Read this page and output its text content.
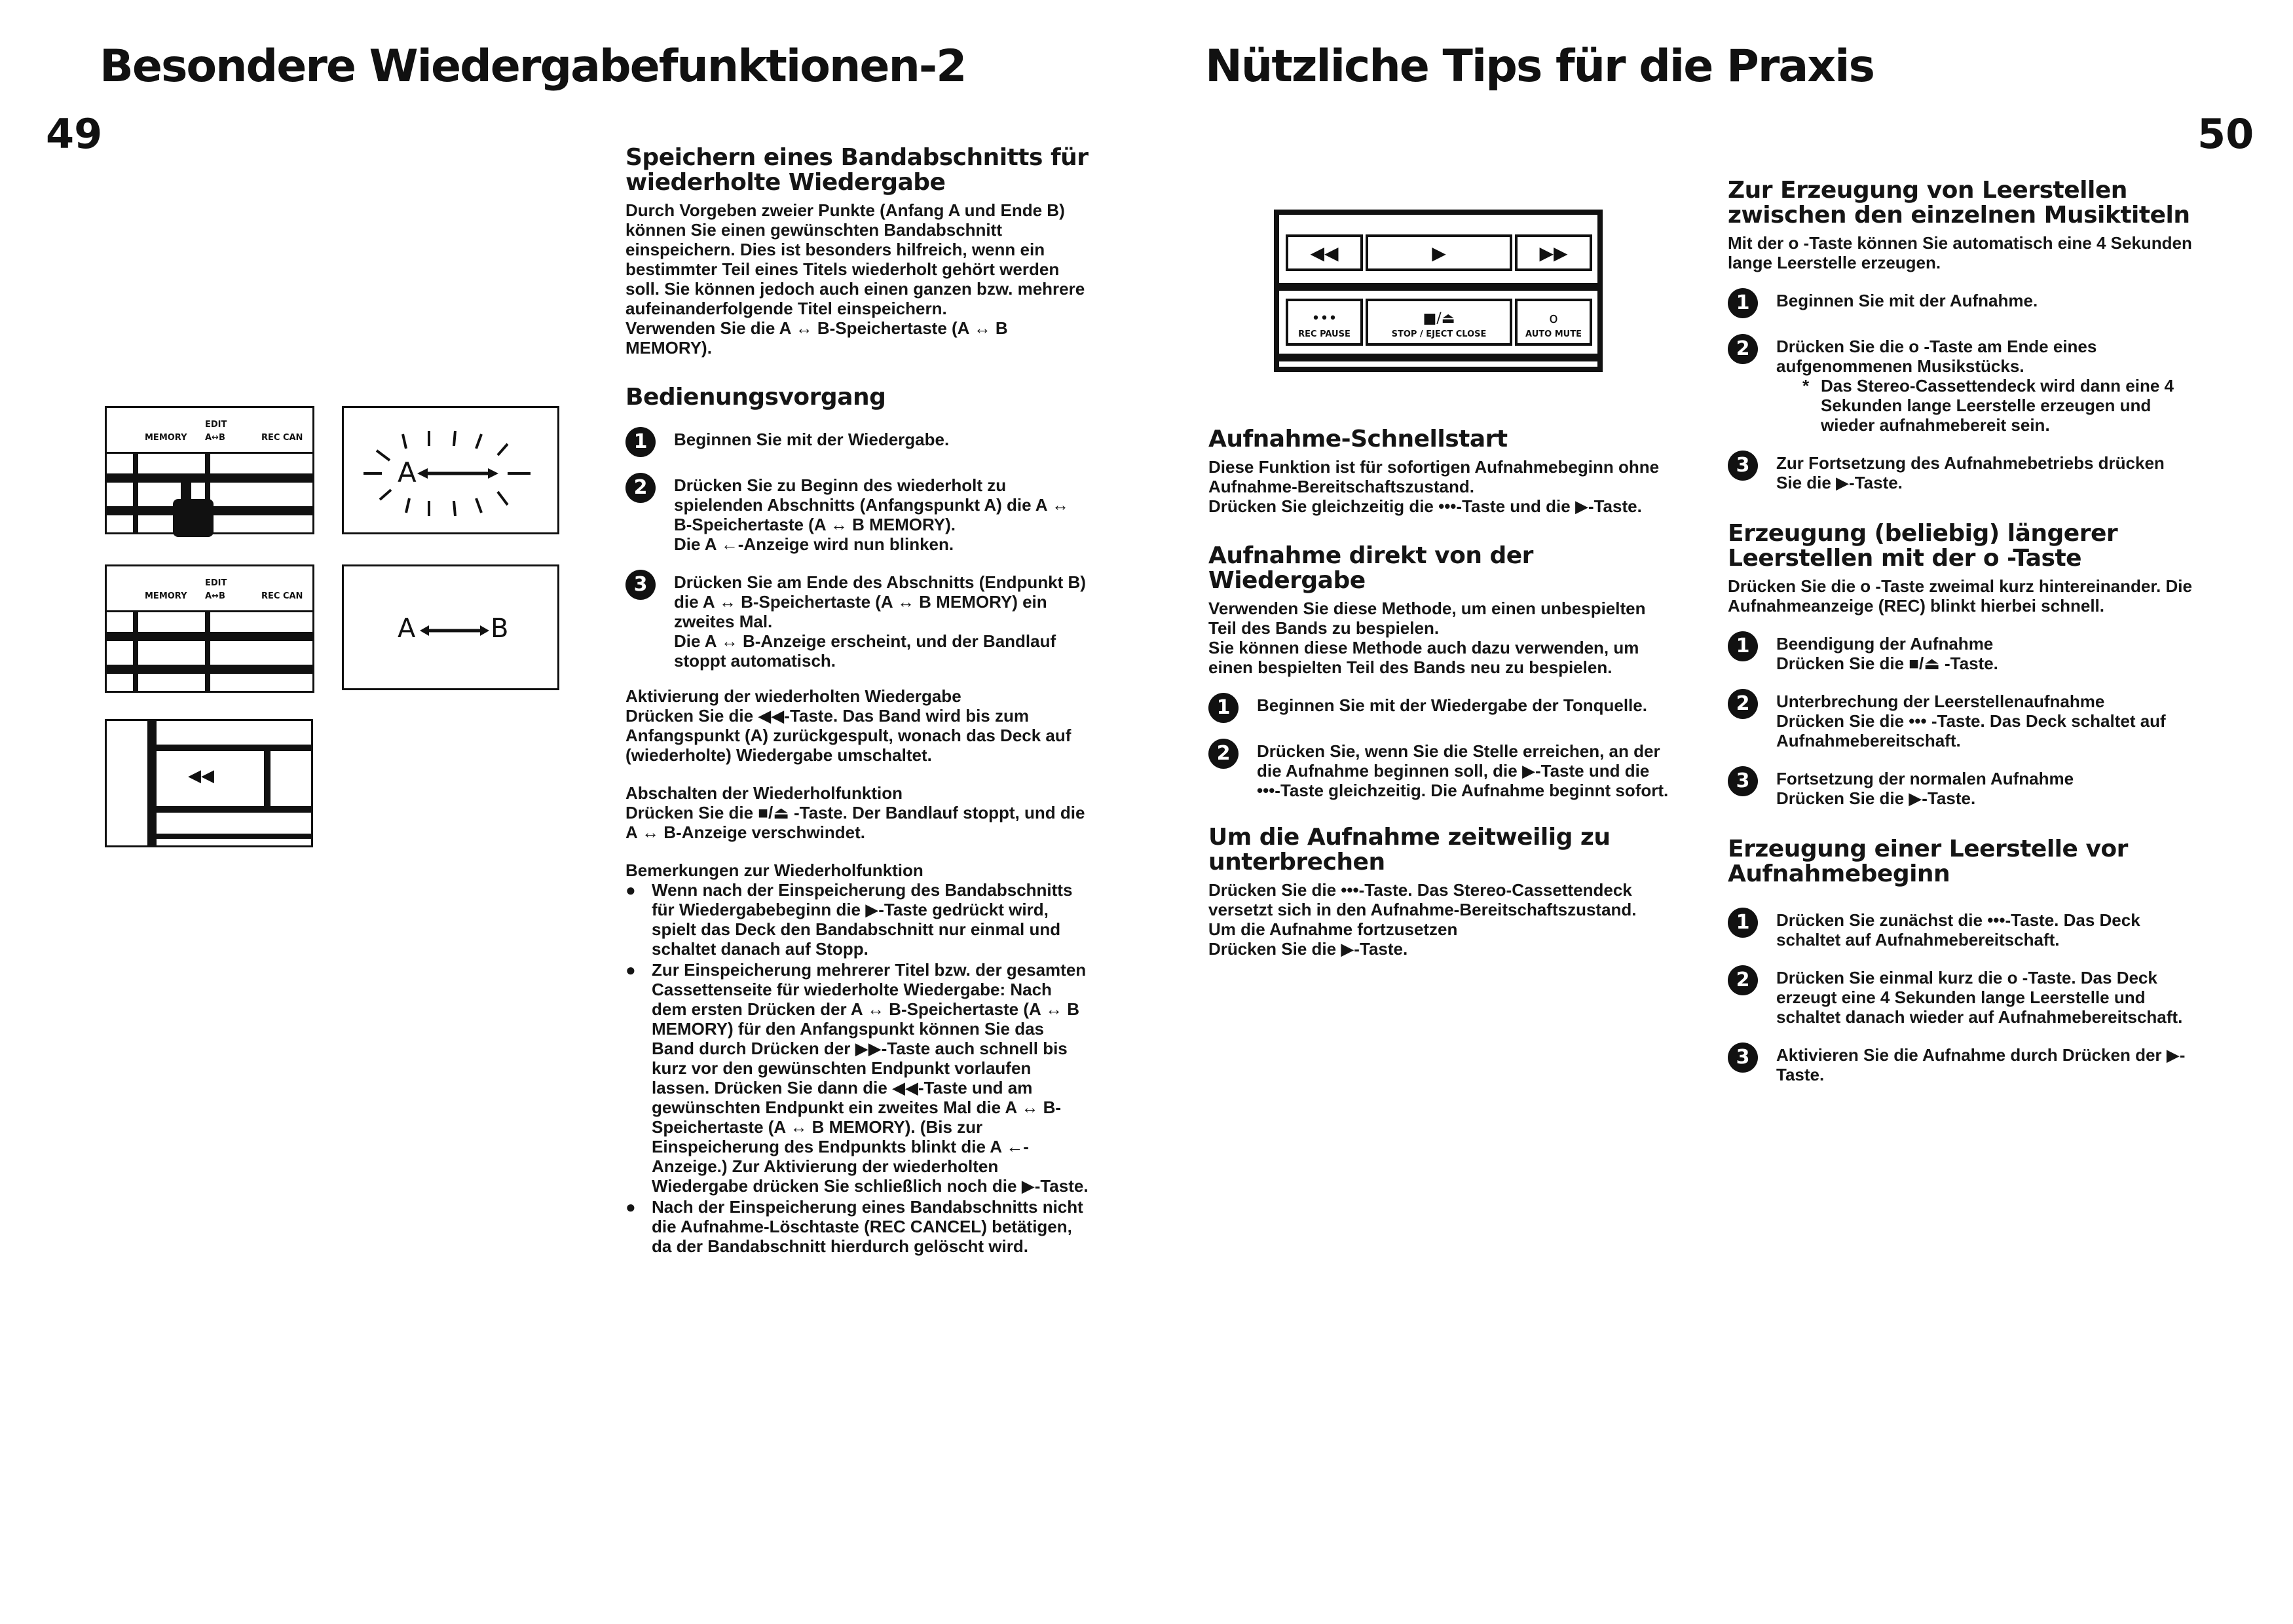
Besondere Wiedergabefunktionen-2
49
EDIT
MEMORY A↔B	REC CAN
A
EDIT
MEMORY A↔B	REC CAN
A	B
◀◀
Speichern eines Bandabschnitts für wiederholte Wiedergabe

Durch Vorgeben zweier Punkte (Anfang A und Ende B) können Sie einen gewünschten Bandabschnitt einspeichern. Dies ist besonders hilfreich, wenn ein bestimmter Teil eines Titels wiederholt gehört werden soll. Sie können jedoch auch einen ganzen bzw. mehrere aufeinanderfolgende Titel einspeichern.

Verwenden Sie die A ↔ B-Speichertaste (A ↔ B MEMORY).

Bedienungsvorgang
1	Beginnen Sie mit der Wiedergabe.

2	Drücken Sie zu Beginn des wiederholt zu spielenden Abschnitts (Anfangspunkt A) die A ↔ B-Speichertaste (A ↔ B MEMORY).

Die A ←-Anzeige wird nun blinken.

3	Drücken Sie am Ende des Abschnitts (Endpunkt B) die A ↔ B-Speichertaste (A ↔ B MEMORY) ein zweites Mal.

Die A ↔ B-Anzeige erscheint, und der Bandlauf stoppt automatisch.

Aktivierung der wiederholten Wiedergabe

Drücken Sie die ◀◀-Taste. Das Band wird bis zum Anfangspunkt (A) zurückgespult, wonach das Deck auf (wiederholte) Wiedergabe umschaltet.

Abschalten der Wiederholfunktion

Drücken Sie die ■/⏏ -Taste. Der Bandlauf stoppt, und die A ↔ B-Anzeige verschwindet.

Bemerkungen zur Wiederholfunktion
● Wenn nach der Einspeicherung des Bandabschnitts für Wiedergabebeginn die ▶-Taste gedrückt wird, spielt das Deck den Bandabschnitt nur einmal und schaltet danach auf Stopp.
● Zur Einspeicherung mehrerer Titel bzw. der gesamten Cassettenseite für wiederholte Wiedergabe: Nach dem ersten Drücken der A ↔ B-Speichertaste (A ↔ B MEMORY) für den Anfangspunkt können Sie das Band durch Drücken der ▶▶-Taste auch schnell bis kurz vor den gewünschten Endpunkt vorlaufen lassen. Drücken Sie dann die ◀◀-Taste und am gewünschten Endpunkt ein zweites Mal die A ↔ B-Speichertaste (A ↔ B MEMORY). (Bis zur Einspeicherung des Endpunkts blinkt die A ←-Anzeige.) Zur Aktivierung der wiederholten Wiedergabe drücken Sie schließlich noch die ▶-Taste.
● Nach der Einspeicherung eines Bandabschnitts nicht die Aufnahme-Löschtaste (REC CANCEL) betätigen, da der Bandabschnitt hierdurch gelöscht wird.
Nützliche Tips für die Praxis
50
◀◀	▶	▶▶
•••
REC PAUSE
■/⏏
STOP / EJECT CLOSE
o
AUTO MUTE
Aufnahme-Schnellstart

Diese Funktion ist für sofortigen Aufnahmebeginn ohne Aufnahme-Bereitschaftszustand.

Drücken Sie gleichzeitig die •••-Taste und die ▶-Taste.

Aufnahme direkt von der Wiedergabe

Verwenden Sie diese Methode, um einen unbespielten Teil des Bands zu bespielen.

Sie können diese Methode auch dazu verwenden, um einen bespielten Teil des Bands neu zu bespielen.

1	Beginnen Sie mit der Wiedergabe der Tonquelle.

2	Drücken Sie, wenn Sie die Stelle erreichen, an der die Aufnahme beginnen soll, die ▶-Taste und die •••-Taste gleichzeitig. Die Aufnahme beginnt sofort.

Um die Aufnahme zeitweilig zu unterbrechen

Drücken Sie die •••-Taste. Das Stereo-Cassettendeck versetzt sich in den Aufnahme-Bereitschaftszustand.

Um die Aufnahme fortzusetzen

Drücken Sie die ▶-Taste.

Zur Erzeugung von Leerstellen zwischen den einzelnen Musiktiteln

Mit der o -Taste können Sie automatisch eine 4 Sekunden lange Leerstelle erzeugen.

1	Beginnen Sie mit der Aufnahme.

2	Drücken Sie die o -Taste am Ende eines aufgenommenen Musikstücks.

* Das Stereo-Cassettendeck wird dann eine 4 Sekunden lange Leerstelle erzeugen und wieder aufnahmebereit sein.
3	Zur Fortsetzung des Aufnahmebetriebs drücken Sie die ▶-Taste.

Erzeugung (beliebig) längerer Leerstellen mit der o -Taste

Drücken Sie die o -Taste zweimal kurz hintereinander. Die Aufnahmeanzeige (REC) blinkt hierbei schnell.

1	Beendigung der Aufnahme

Drücken Sie die ■/⏏ -Taste.

2	Unterbrechung der Leerstellenaufnahme

Drücken Sie die ••• -Taste. Das Deck schaltet auf Aufnahmebereitschaft.

3	Fortsetzung der normalen Aufnahme

Drücken Sie die ▶-Taste.

Erzeugung einer Leerstelle vor Aufnahmebeginn
1	Drücken Sie zunächst die •••-Taste. Das Deck schaltet auf Aufnahmebereitschaft.

2	Drücken Sie einmal kurz die o -Taste. Das Deck erzeugt eine 4 Sekunden lange Leerstelle und schaltet danach wieder auf Aufnahmebereitschaft.

3	Aktivieren Sie die Aufnahme durch Drücken der ▶-Taste.
